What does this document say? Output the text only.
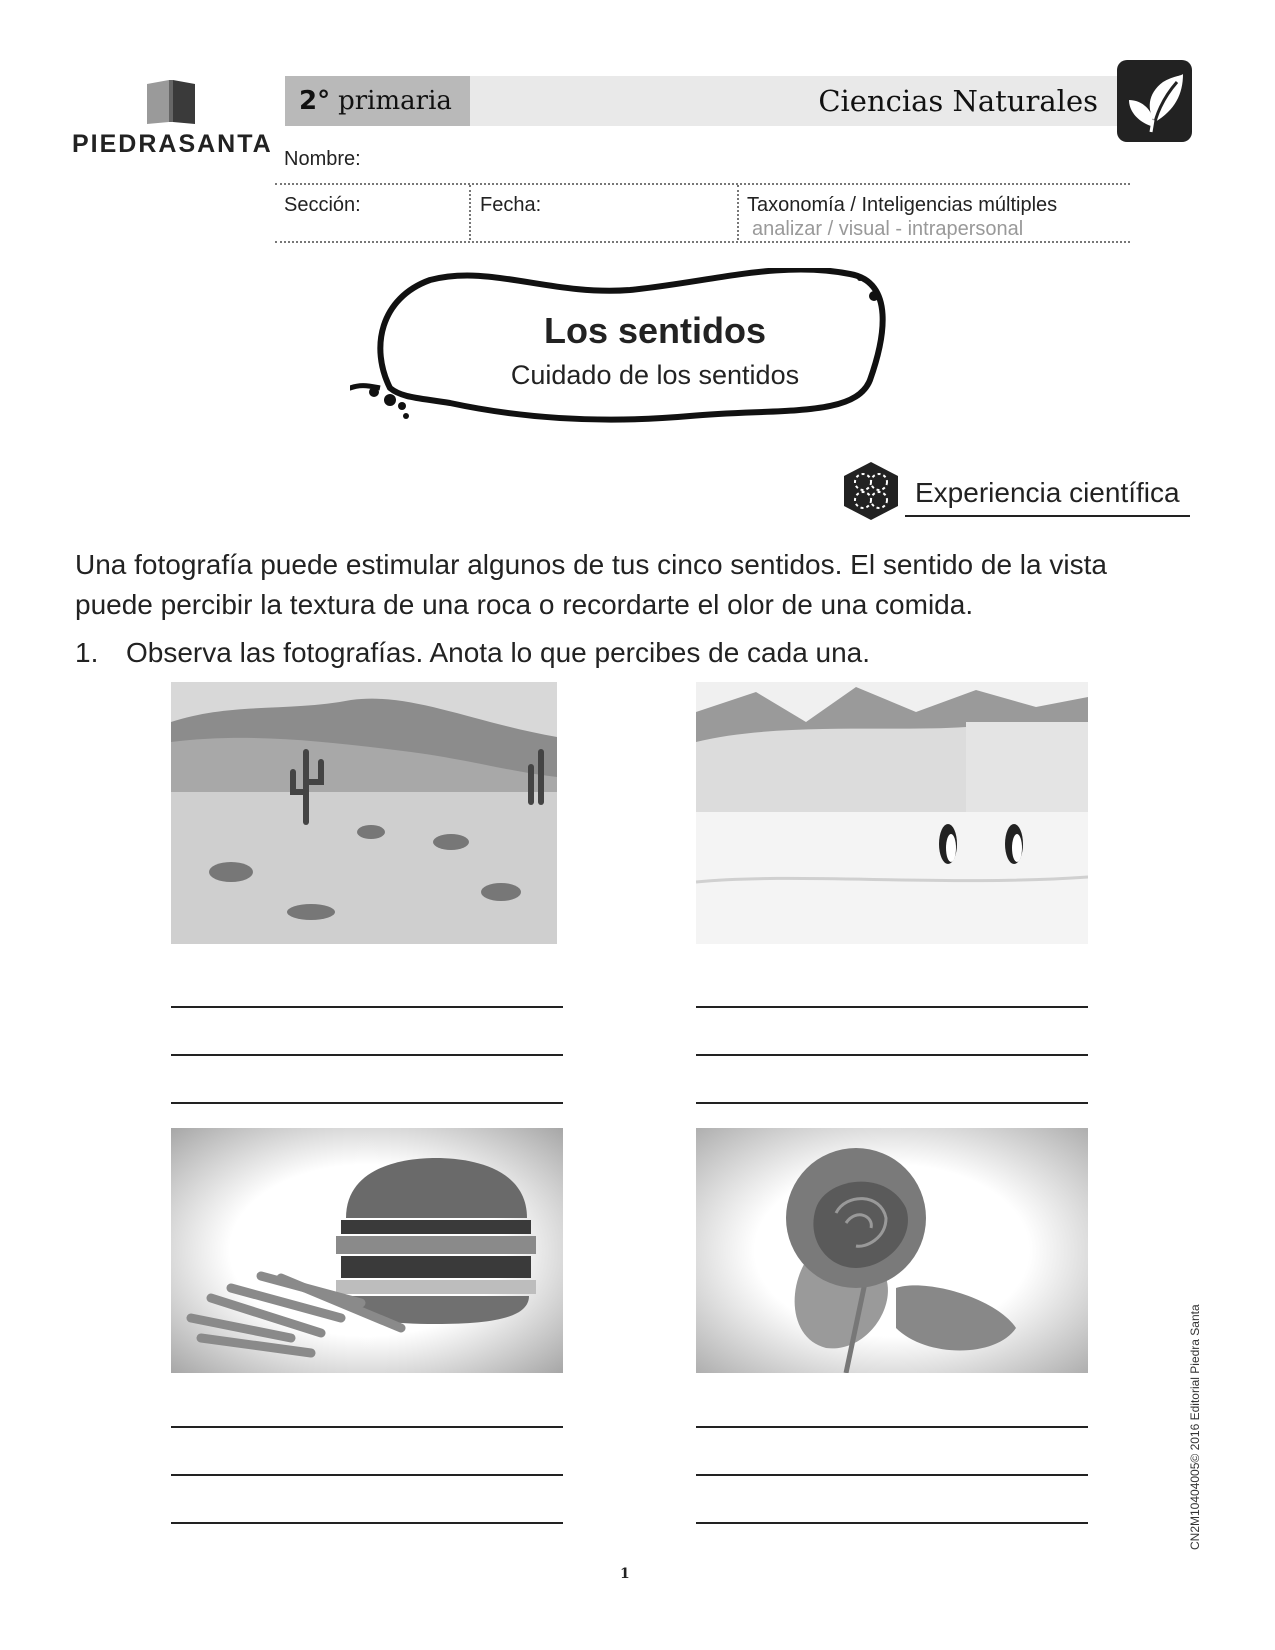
PIEDRASANTA
2° primaria	Ciencias Naturales
Nombre:
Sección:	Fecha:	Taxonomía / Inteligencias múltiples
analizar / visual - intrapersonal
Los sentidos
Cuidado de los sentidos
Experiencia científica
Una fotografía puede estimular algunos de tus cinco sentidos. El sentido de la vista puede percibir la textura de una roca o recordarte el olor de una comida.
1. Observa las fotografías. Anota lo que percibes de cada una.
1
CN2M1040400​5© 2016 Editorial Piedra Santa
